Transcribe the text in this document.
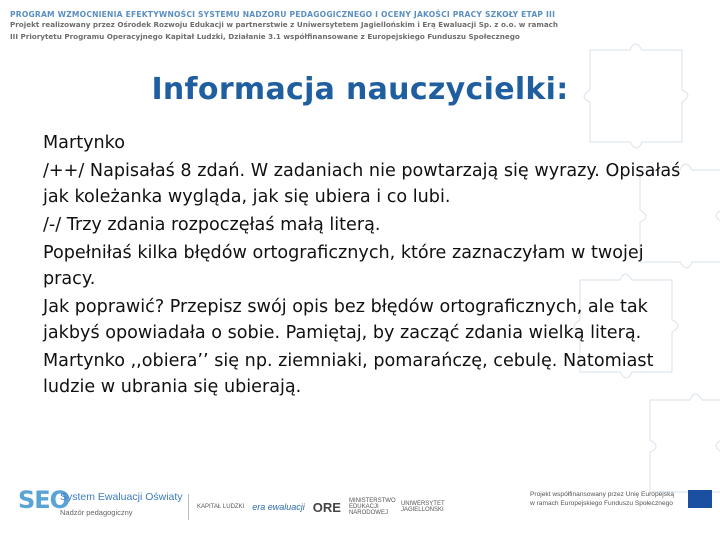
PROGRAM WZMOCNIENIA EFEKTYWNOŚCI SYSTEMU NADZORU PEDAGOGICZNEGO I OCENY JAKOŚCI PRACY SZKOŁY ETAP III
Projekt realizowany przez Ośrodek Rozwoju Edukacji w partnerstwie z Uniwersytetem Jagiellońskim i Erą Ewaluacji Sp. z o.o. w ramach
III Priorytetu Programu Operacyjnego Kapitał Ludzki, Działanie 3.1 współfinansowane z Europejskiego Funduszu Społecznego
Informacja nauczycielki:

Martynko

/++/ Napisałaś 8 zdań. W zadaniach nie powtarzają się wyrazy. Opisałaś jak koleżanka wygląda, jak się ubiera i co lubi.

/-/ Trzy zdania rozpoczęłaś małą literą.

Popełniłaś kilka błędów ortograficznych, które zaznaczyłam w twojej pracy.

Jak poprawić? Przepisz swój opis bez błędów ortograficznych, ale tak jakbyś opowiadała o sobie. Pamiętaj, by zacząć zdania wielką literą.

Martynko ,,obiera’’ się np. ziemniaki, pomarańczę, cebulę. Natomiast ludzie w ubrania się ubierają.

SEO
System Ewaluacji Oświaty
Nadzór pedagogiczny
KAPITAŁ LUDZKI era ewaluacji ORE MINISTERSTWO EDUKACJI NARODOWEJ
UNIWERSYTET JAGIELLOŃSKI
Projekt współfinansowany przez Unię Europejską w ramach Europejskiego Funduszu Społecznego
